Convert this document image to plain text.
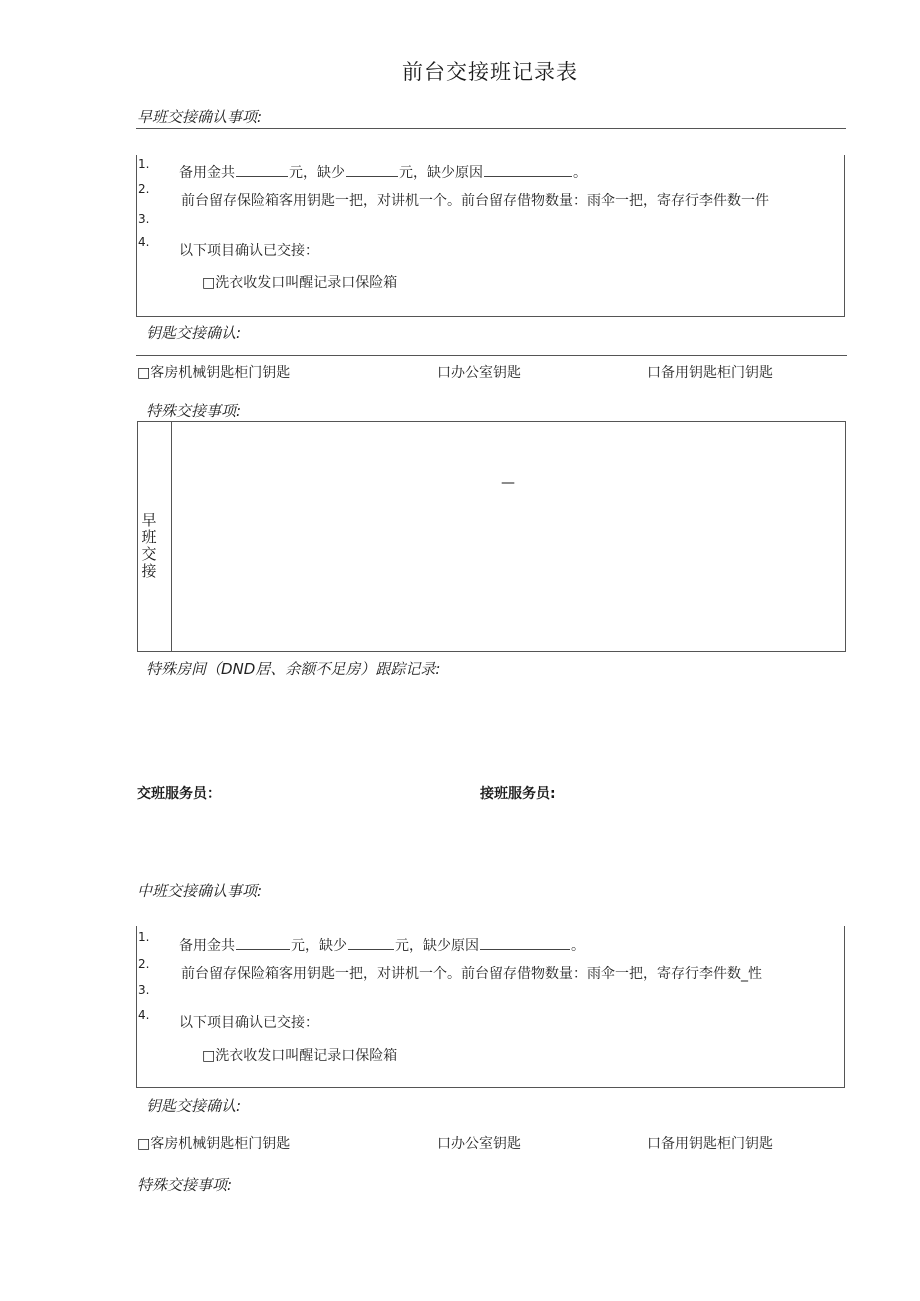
前台交接班记录表
早班交接确认事项:
1.
2.
3.
4.
备用金共	元，缺少	元，缺少原因	。
前台留存保险箱客用钥匙一把，对讲机一个。前台留存借物数量：雨伞一把，寄存行李件数一件
以下项目确认已交接：
□洗衣收发口叫醒记录口保险箱
钥匙交接确认:
□客房机械钥匙柜门钥匙	口办公室钥匙	口备用钥匙柜门钥匙
特殊交接事项:
早
班
交
接
—
特殊房间（DND居、余额不足房）跟踪记录:
交班服务员：	接班服务员:
中班交接确认事项:
1.
2.
3.
4.
备用金共	元，缺少	元，缺少原因	。
前台留存保险箱客用钥匙一把，对讲机一个。前台留存借物数量：雨伞一把，寄存行李件数_性
以下项目确认已交接：
□洗衣收发口叫醒记录口保险箱
钥匙交接确认:
□客房机械钥匙柜门钥匙	口办公室钥匙	口备用钥匙柜门钥匙
特殊交接事项:
